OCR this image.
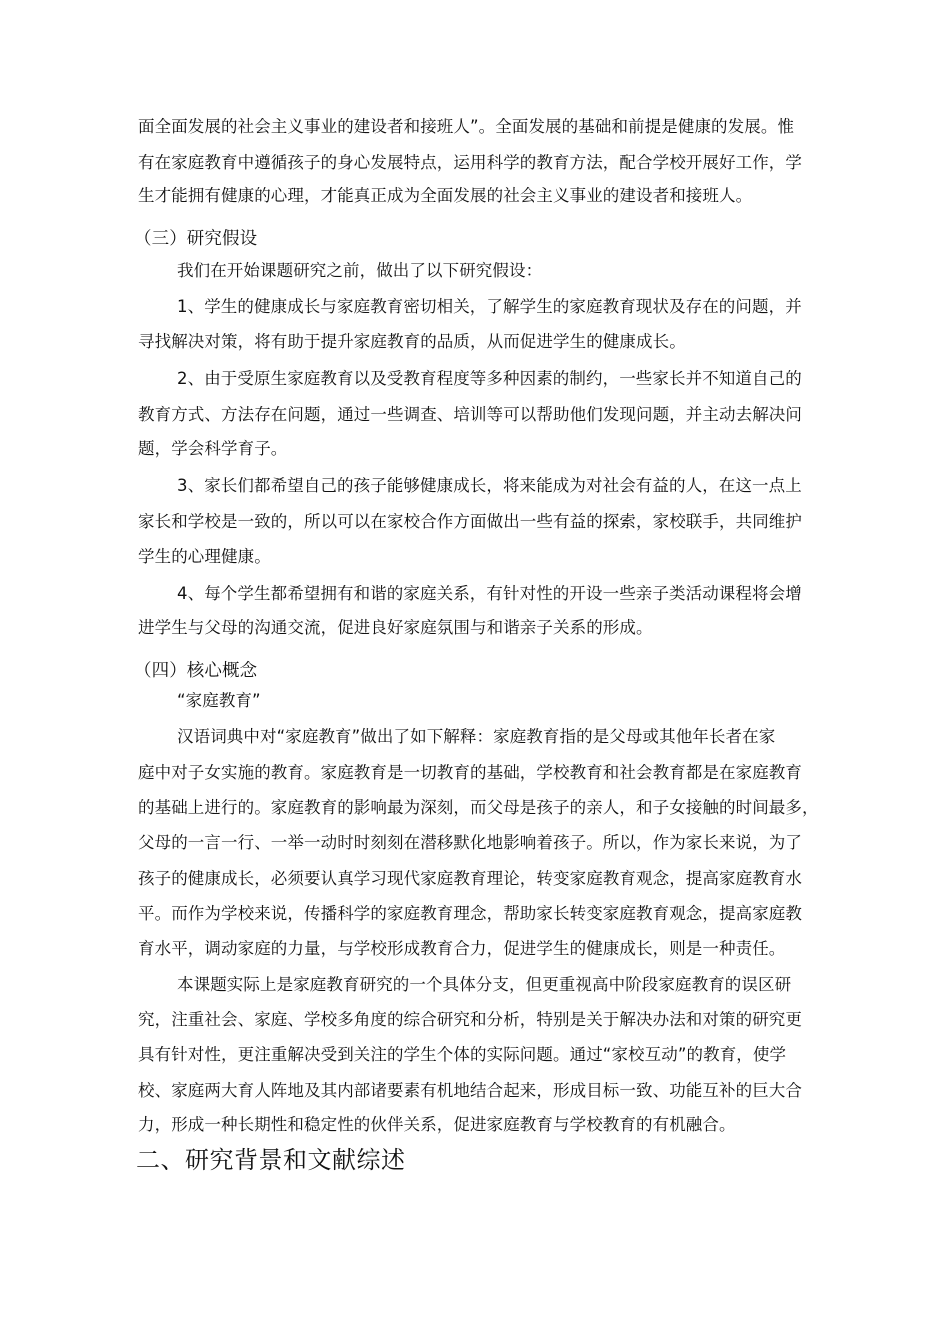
面全面发展的社会主义事业的建设者和接班人”。全面发展的基础和前提是健康的发展。惟
有在家庭教育中遵循孩子的身心发展特点，运用科学的教育方法，配合学校开展好工作，学
生才能拥有健康的心理，才能真正成为全面发展的社会主义事业的建设者和接班人。
（三）研究假设
我们在开始课题研究之前，做出了以下研究假设：
1、学生的健康成长与家庭教育密切相关，了解学生的家庭教育现状及存在的问题，并
寻找解决对策，将有助于提升家庭教育的品质，从而促进学生的健康成长。
2、由于受原生家庭教育以及受教育程度等多种因素的制约，一些家长并不知道自己的
教育方式、方法存在问题，通过一些调查、培训等可以帮助他们发现问题，并主动去解决问
题，学会科学育子。
3、家长们都希望自己的孩子能够健康成长，将来能成为对社会有益的人，在这一点上
家长和学校是一致的，所以可以在家校合作方面做出一些有益的探索，家校联手，共同维护
学生的心理健康。
4、每个学生都希望拥有和谐的家庭关系，有针对性的开设一些亲子类活动课程将会增
进学生与父母的沟通交流，促进良好家庭氛围与和谐亲子关系的形成。
（四）核心概念
“家庭教育”
汉语词典中对“家庭教育”做出了如下解释：家庭教育指的是父母或其他年长者在家
庭中对子女实施的教育。家庭教育是一切教育的基础，学校教育和社会教育都是在家庭教育
的基础上进行的。家庭教育的影响最为深刻，而父母是孩子的亲人，和子女接触的时间最多，
父母的一言一行、一举一动时时刻刻在潜移默化地影响着孩子。所以，作为家长来说，为了
孩子的健康成长，必须要认真学习现代家庭教育理论，转变家庭教育观念，提高家庭教育水
平。而作为学校来说，传播科学的家庭教育理念，帮助家长转变家庭教育观念，提高家庭教
育水平，调动家庭的力量，与学校形成教育合力，促进学生的健康成长，则是一种责任。
本课题实际上是家庭教育研究的一个具体分支，但更重视高中阶段家庭教育的误区研
究，注重社会、家庭、学校多角度的综合研究和分析，特别是关于解决办法和对策的研究更
具有针对性，更注重解决受到关注的学生个体的实际问题。通过“家校互动”的教育，使学
校、家庭两大育人阵地及其内部诸要素有机地结合起来，形成目标一致、功能互补的巨大合
力，形成一种长期性和稳定性的伙伴关系，促进家庭教育与学校教育的有机融合。
二、研究背景和文献综述
